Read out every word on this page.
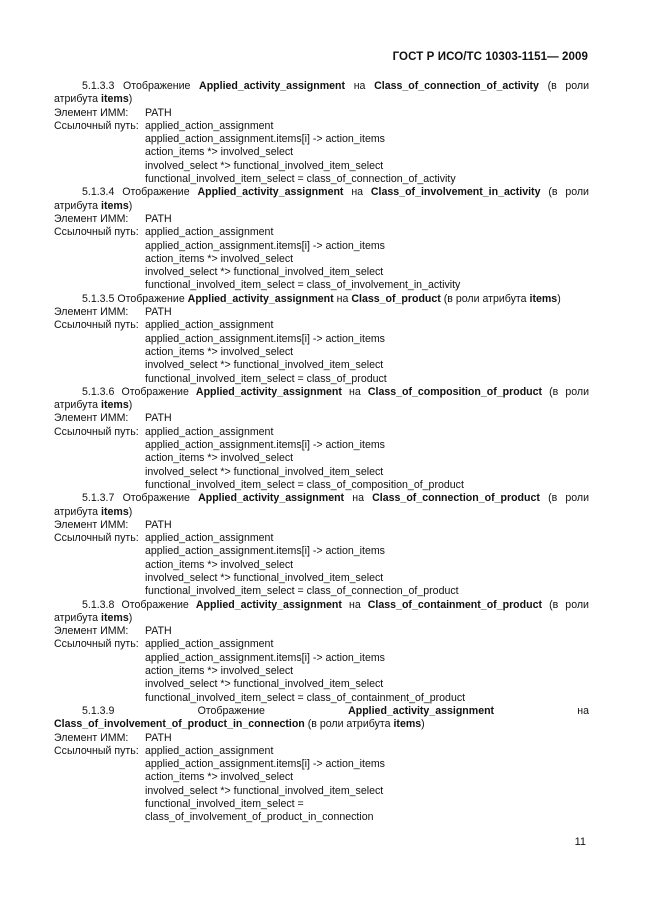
ГОСТ Р ИСО/ТС 10303-1151— 2009
5.1.3.3 Отображение Applied_activity_assignment на Class_of_connection_of_activity (в роли атрибута items)
Элемент ИММ:	PATH
Ссылочный путь: applied_action_assignment
applied_action_assignment.items[i] -> action_items
action_items *> involved_select
involved_select *> functional_involved_item_select
functional_involved_item_select = class_of_connection_of_activity
5.1.3.4 Отображение Applied_activity_assignment на Class_of_involvement_in_activity (в роли атрибута items)
Элемент ИММ:	PATH
Ссылочный путь: applied_action_assignment
applied_action_assignment.items[i] -> action_items
action_items *> involved_select
involved_select *> functional_involved_item_select
functional_involved_item_select = class_of_involvement_in_activity
5.1.3.5 Отображение Applied_activity_assignment на Class_of_product (в роли атрибута items)
Элемент ИММ:	PATH
Ссылочный путь: applied_action_assignment
applied_action_assignment.items[i] -> action_items
action_items *> involved_select
involved_select *> functional_involved_item_select
functional_involved_item_select = class_of_product
5.1.3.6 Отображение Applied_activity_assignment на Class_of_composition_of_product (в роли атрибута items)
Элемент ИММ:	PATH
Ссылочный путь: applied_action_assignment
applied_action_assignment.items[i] -> action_items
action_items *> involved_select
involved_select *> functional_involved_item_select
functional_involved_item_select = class_of_composition_of_product
5.1.3.7 Отображение Applied_activity_assignment на Class_of_connection_of_product (в роли атрибута items)
Элемент ИММ:	PATH
Ссылочный путь: applied_action_assignment
applied_action_assignment.items[i] -> action_items
action_items *> involved_select
involved_select *> functional_involved_item_select
functional_involved_item_select = class_of_connection_of_product
5.1.3.8 Отображение Applied_activity_assignment на Class_of_containment_of_product (в роли атрибута items)
Элемент ИММ:	PATH
Ссылочный путь: applied_action_assignment
applied_action_assignment.items[i] -> action_items
action_items *> involved_select
involved_select *> functional_involved_item_select
functional_involved_item_select = class_of_containment_of_product
5.1.3.9	Отображение	Applied_activity_assignment	на Class_of_involvement_of_product_in_connection (в роли атрибута items)
Элемент ИММ:	PATH
Ссылочный путь: applied_action_assignment
applied_action_assignment.items[i] -> action_items
action_items *> involved_select
involved_select *> functional_involved_item_select
functional_involved_item_select =
class_of_involvement_of_product_in_connection
11
